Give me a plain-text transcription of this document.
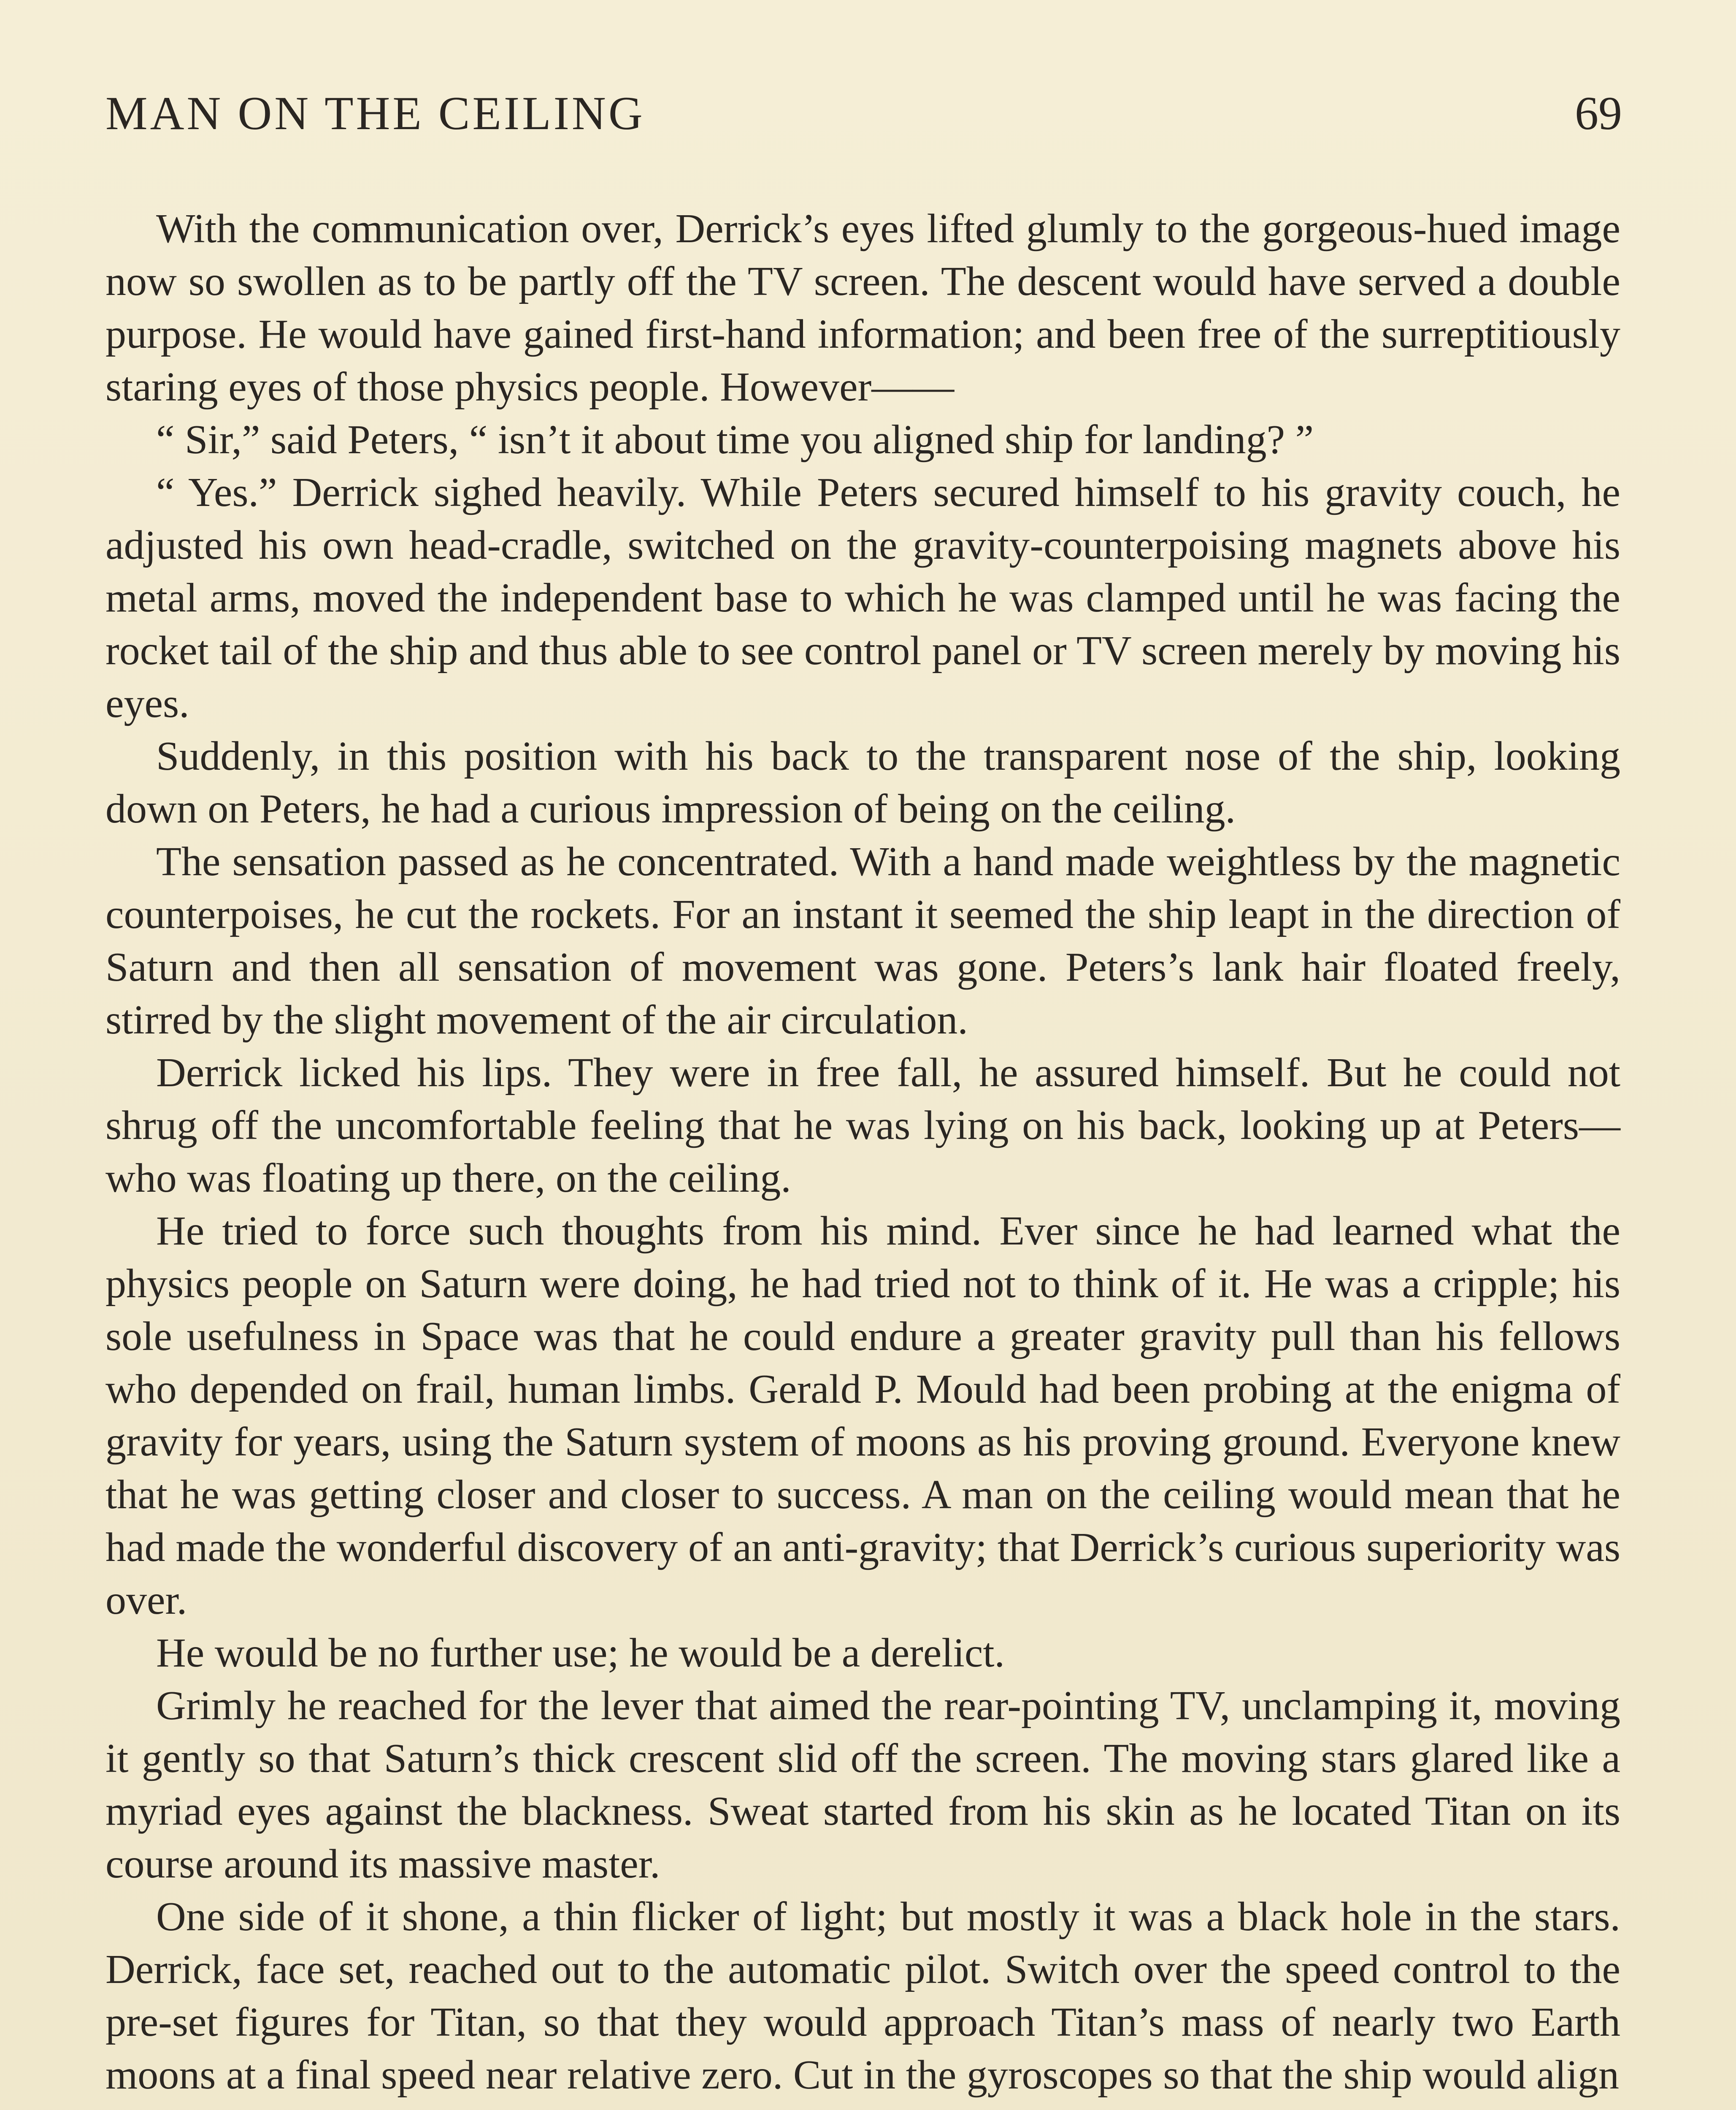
MAN ON THE CEILING	69

With the communication over, Derrick’s eyes lifted glumly to the gorgeous-hued image now so swollen as to be partly off the TV screen. The descent would have served a double purpose. He would have gained first-hand information; and been free of the surreptitiously staring eyes of those physics people. However——

“ Sir,” said Peters, “ isn’t it about time you aligned ship for landing? ”

“ Yes.” Derrick sighed heavily. While Peters secured himself to his gravity couch, he adjusted his own head-cradle, switched on the gravity-counterpoising magnets above his metal arms, moved the independent base to which he was clamped until he was facing the rocket tail of the ship and thus able to see control panel or TV screen merely by moving his eyes.

Suddenly, in this position with his back to the transparent nose of the ship, looking down on Peters, he had a curious impression of being on the ceiling.

The sensation passed as he concentrated. With a hand made weightless by the magnetic counterpoises, he cut the rockets. For an instant it seemed the ship leapt in the direction of Saturn and then all sensation of movement was gone. Peters’s lank hair floated freely, stirred by the slight movement of the air circulation.

Derrick licked his lips. They were in free fall, he assured himself. But he could not shrug off the uncomfortable feeling that he was lying on his back, looking up at Peters—who was floating up there, on the ceiling.

He tried to force such thoughts from his mind. Ever since he had learned what the physics people on Saturn were doing, he had tried not to think of it. He was a cripple; his sole usefulness in Space was that he could endure a greater gravity pull than his fellows who depended on frail, human limbs. Gerald P. Mould had been probing at the enigma of gravity for years, using the Saturn system of moons as his proving ground. Everyone knew that he was getting closer and closer to success. A man on the ceiling would mean that he had made the wonderful discovery of an anti-gravity; that Derrick’s curious superiority was over.

He would be no further use; he would be a derelict.

Grimly he reached for the lever that aimed the rear-pointing TV, unclamping it, moving it gently so that Saturn’s thick crescent slid off the screen. The moving stars glared like a myriad eyes against the blackness. Sweat started from his skin as he located Titan on its course around its massive master.

One side of it shone, a thin flicker of light; but mostly it was a black hole in the stars. Derrick, face set, reached out to the automatic pilot. Switch over the speed control to the pre-set figures for Titan, so that they would approach Titan’s mass of nearly two Earth moons at a final speed near relative zero. Cut in the gyroscopes so that the ship would align
